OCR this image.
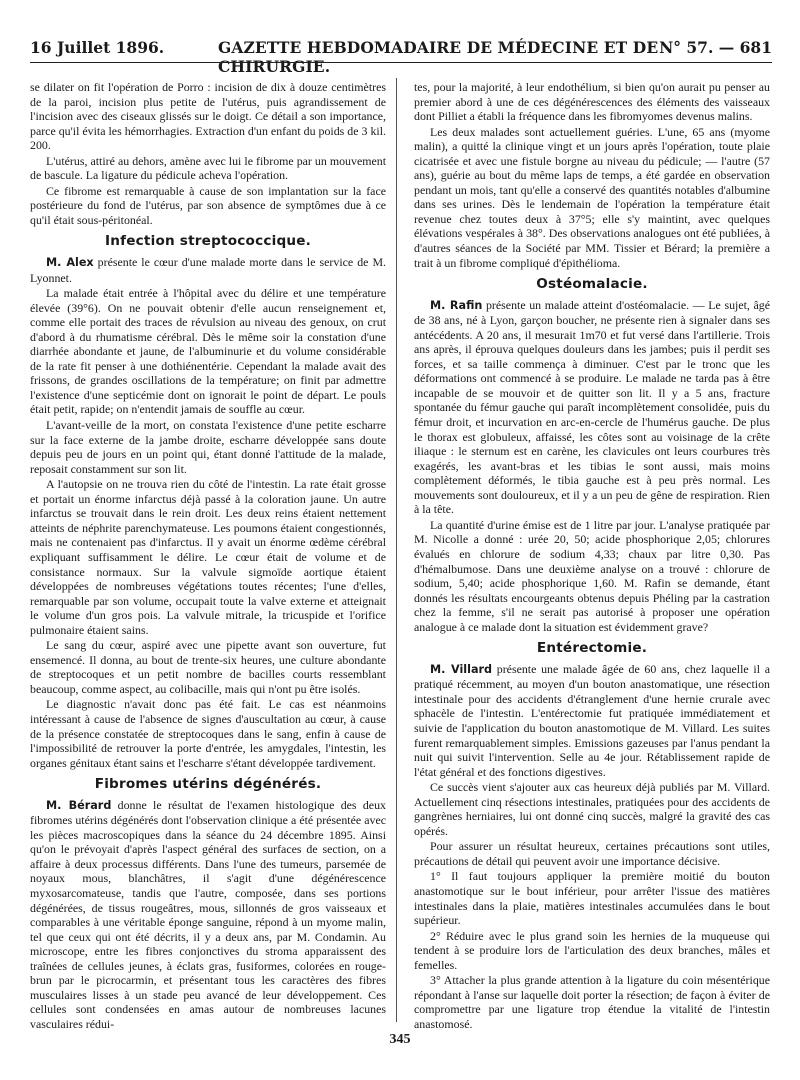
16 Juillet 1896.	GAZETTE HEBDOMADAIRE DE MÉDECINE ET DE CHIRURGIE.
N° 57. — 681

se dilater on fit l'opération de Porro : incision de dix à douze centimètres de la paroi, incision plus petite de l'utérus, puis agrandissement de l'incision avec des ciseaux glissés sur le doigt. Ce détail a son importance, parce qu'il évita les hémorrhagies. Extraction d'un enfant du poids de 3 kil. 200.

L'utérus, attiré au dehors, amène avec lui le fibrome par un mouvement de bascule. La ligature du pédicule acheva l'opération.

Ce fibrome est remarquable à cause de son implantation sur la face postérieure du fond de l'utérus, par son absence de symptômes due à ce qu'il était sous-péritonéal.

Infection streptococcique.

M. Alex présente le cœur d'une malade morte dans le service de M. Lyonnet.

La malade était entrée à l'hôpital avec du délire et une température élevée (39°6). On ne pouvait obtenir d'elle aucun renseignement et, comme elle portait des traces de révulsion au niveau des genoux, on crut d'abord à du rhumatisme cérébral. Dès le même soir la constation d'une diarrhée abondante et jaune, de l'albuminurie et du volume considérable de la rate fit penser à une dothiénentérie. Cependant la malade avait des frissons, de grandes oscillations de la température; on finit par admettre l'existence d'une septicémie dont on ignorait le point de départ. Le pouls était petit, rapide; on n'entendit jamais de souffle au cœur.

L'avant-veille de la mort, on constata l'existence d'une petite escharre sur la face externe de la jambe droite, escharre développée sans doute depuis peu de jours en un point qui, étant donné l'attitude de la malade, reposait constamment sur son lit.

A l'autopsie on ne trouva rien du côté de l'intestin. La rate était grosse et portait un énorme infarctus déjà passé à la coloration jaune. Un autre infarctus se trouvait dans le rein droit. Les deux reins étaient nettement atteints de néphrite parenchymateuse. Les poumons étaient congestionnés, mais ne contenaient pas d'infarctus. Il y avait un énorme œdème cérébral expliquant suffisamment le délire. Le cœur était de volume et de consistance normaux. Sur la valvule sigmoïde aortique étaient développées de nombreuses végétations toutes récentes; l'une d'elles, remarquable par son volume, occupait toute la valve externe et atteignait le volume d'un gros pois. La valvule mitrale, la tricuspide et l'orifice pulmonaire étaient sains.

Le sang du cœur, aspiré avec une pipette avant son ouverture, fut ensemencé. Il donna, au bout de trente-six heures, une culture abondante de streptocoques et un petit nombre de bacilles courts ressemblant beaucoup, comme aspect, au colibacille, mais qui n'ont pu être isolés.

Le diagnostic n'avait donc pas été fait. Le cas est néanmoins intéressant à cause de l'absence de signes d'auscultation au cœur, à cause de la présence constatée de streptocoques dans le sang, enfin à cause de l'impossibilité de retrouver la porte d'entrée, les amygdales, l'intestin, les organes génitaux étant sains et l'escharre s'étant développée tardivement.

Fibromes utérins dégénérés.

M. Bérard donne le résultat de l'examen histologique des deux fibromes utérins dégénérés dont l'observation clinique a été présentée avec les pièces macroscopiques dans la séance du 24 décembre 1895. Ainsi qu'on le prévoyait d'après l'aspect général des surfaces de section, on a affaire à deux processus différents. Dans l'une des tumeurs, parsemée de noyaux mous, blanchâtres, il s'agit d'une dégénérescence myxosarcomateuse, tandis que l'autre, composée, dans ses portions dégénérées, de tissus rougeâtres, mous, sillonnés de gros vaisseaux et comparables à une véritable éponge sanguine, répond à un myome malin, tel que ceux qui ont été décrits, il y a deux ans, par M. Condamin. Au microscope, entre les fibres conjonctives du stroma apparaissent des traînées de cellules jeunes, à éclats gras, fusiformes, colorées en rouge-brun par le picrocarmin, et présentant tous les caractères des fibres musculaires lisses à un stade peu avancé de leur développement. Ces cellules sont condensées en amas autour de nombreuses lacunes vasculaires rédui-

tes, pour la majorité, à leur endothélium, si bien qu'on aurait pu penser au premier abord à une de ces dégénérescences des éléments des vaisseaux dont Pilliet a établi la fréquence dans les fibromyomes devenus malins.

Les deux malades sont actuellement guéries. L'une, 65 ans (myome malin), a quitté la clinique vingt et un jours après l'opération, toute plaie cicatrisée et avec une fistule borgne au niveau du pédicule; — l'autre (57 ans), guérie au bout du même laps de temps, a été gardée en observation pendant un mois, tant qu'elle a conservé des quantités notables d'albumine dans ses urines. Dès le lendemain de l'opération la température était revenue chez toutes deux à 37°5; elle s'y maintint, avec quelques élévations vespérales à 38°. Des observations analogues ont été publiées, à d'autres séances de la Société par MM. Tissier et Bérard; la première a trait à un fibrome compliqué d'épithélioma.

Ostéomalacie.

M. Rafin présente un malade atteint d'ostéomalacie. — Le sujet, âgé de 38 ans, né à Lyon, garçon boucher, ne présente rien à signaler dans ses antécédents. A 20 ans, il mesurait 1m70 et fut versé dans l'artillerie. Trois ans après, il éprouva quelques douleurs dans les jambes; puis il perdit ses forces, et sa taille commença à diminuer. C'est par le tronc que les déformations ont commencé à se produire. Le malade ne tarda pas à être incapable de se mouvoir et de quitter son lit. Il y a 5 ans, fracture spontanée du fémur gauche qui paraît incomplètement consolidée, puis du fémur droit, et incurvation en arc-en-cercle de l'humérus gauche. De plus le thorax est globuleux, affaissé, les côtes sont au voisinage de la crête iliaque : le sternum est en carène, les clavicules ont leurs courbures très exagérés, les avant-bras et les tibias le sont aussi, mais moins complètement déformés, le tibia gauche est à peu près normal. Les mouvements sont douloureux, et il y a un peu de gêne de respiration. Rien à la tête.

La quantité d'urine émise est de 1 litre par jour. L'analyse pratiquée par M. Nicolle a donné : urée 20, 50; acide phosphorique 2,05; chlorures évalués en chlorure de sodium 4,33; chaux par litre 0,30. Pas d'hémalbumose. Dans une deuxième analyse on a trouvé : chlorure de sodium, 5,40; acide phosphorique 1,60. M. Rafin se demande, étant donnés les résultats encourgeants obtenus depuis Phéling par la castration chez la femme, s'il ne serait pas autorisé à proposer une opération analogue à ce malade dont la situation est évidemment grave?

Entérectomie.

M. Villard présente une malade âgée de 60 ans, chez laquelle il a pratiqué récemment, au moyen d'un bouton anastomatique, une résection intestinale pour des accidents d'étranglement d'une hernie crurale avec sphacèle de l'intestin. L'entérectomie fut pratiquée immédiatement et suivie de l'application du bouton anastomotique de M. Villard. Les suites furent remarquablement simples. Emissions gazeuses par l'anus pendant la nuit qui suivit l'intervention. Selle au 4e jour. Rétablissement rapide de l'état général et des fonctions digestives.

Ce succès vient s'ajouter aux cas heureux déjà publiés par M. Villard. Actuellement cinq résections intestinales, pratiquées pour des accidents de gangrènes herniaires, lui ont donné cinq succès, malgré la gravité des cas opérés.

Pour assurer un résultat heureux, certaines précautions sont utiles, précautions de détail qui peuvent avoir une importance décisive.

1° Il faut toujours appliquer la première moitié du bouton anastomotique sur le bout inférieur, pour arrêter l'issue des matières intestinales dans la plaie, matières intestinales accumulées dans le bout supérieur.

2° Réduire avec le plus grand soin les hernies de la muqueuse qui tendent à se produire lors de l'articulation des deux branches, mâles et femelles.

3° Attacher la plus grande attention à la ligature du coin mésentérique répondant à l'anse sur laquelle doit porter la résection; de façon à éviter de compromettre par une ligature trop étendue la vitalité de l'intestin anastomosé.

345
